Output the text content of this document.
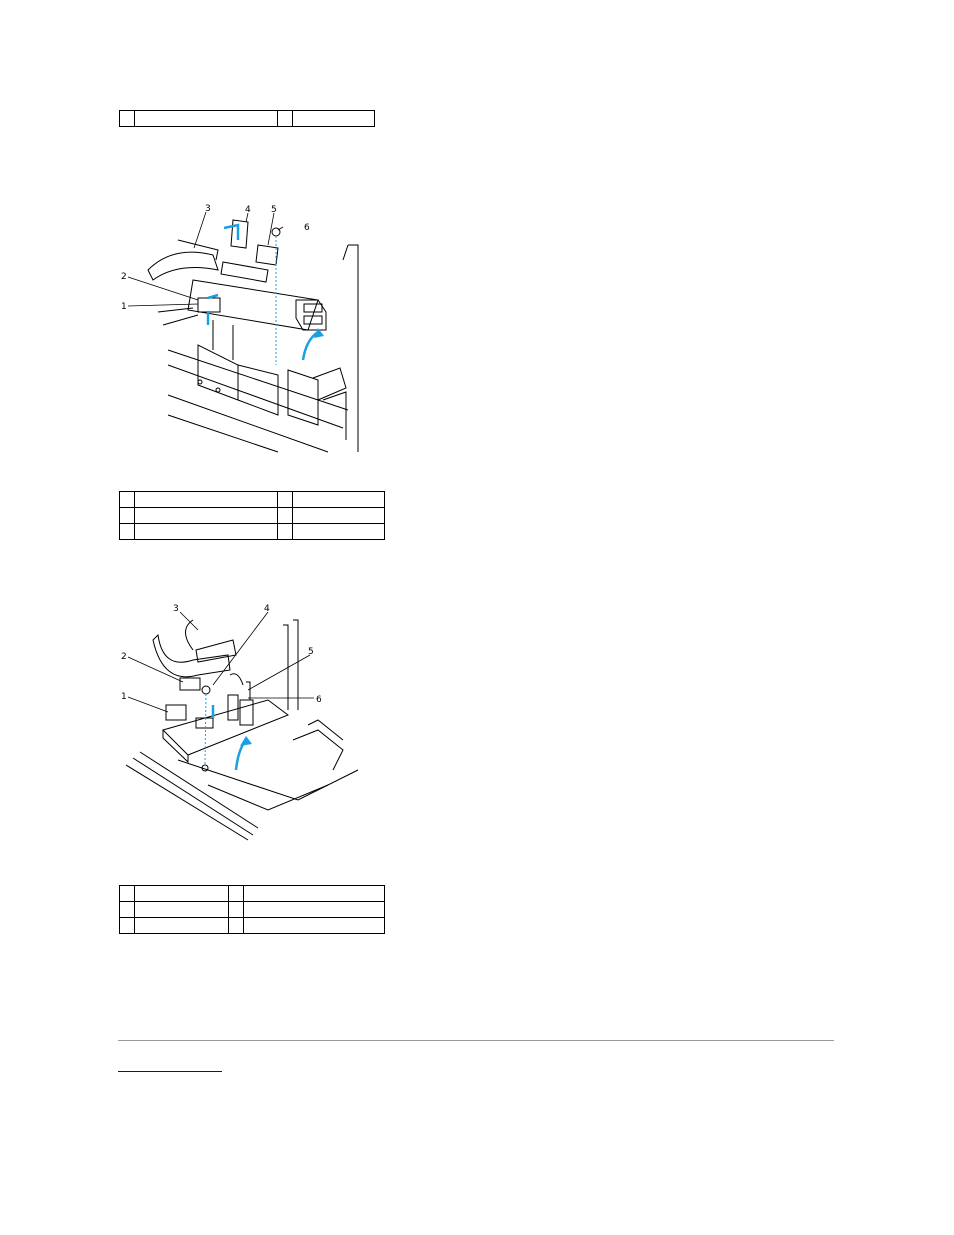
1
2
3	4 5
6

1
2
3	4
5
6
